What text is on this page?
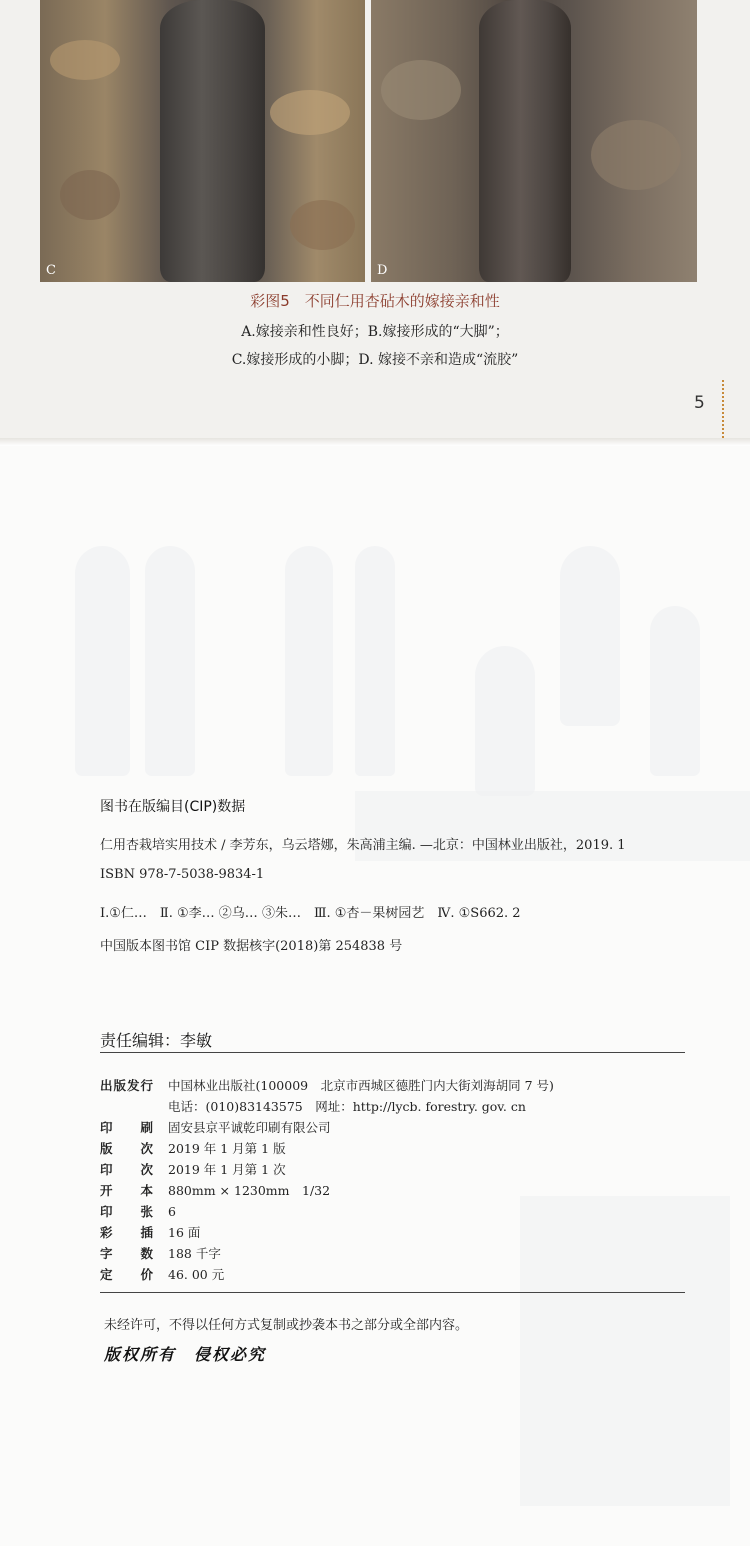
C	D
彩图5　不同仁用杏砧木的嫁接亲和性
A.嫁接亲和性良好；B.嫁接形成的“大脚”；
C.嫁接形成的小脚；D. 嫁接不亲和造成“流胶”
5
图书在版编目(CIP)数据
仁用杏栽培实用技术 / 李芳东，乌云塔娜，朱高浦主编. —北京：中国林业出版社，2019. 1
ISBN 978-7-5038-9834-1
Ⅰ.①仁…　Ⅱ. ①李… ②乌… ③朱…　Ⅲ. ①杏－果树园艺　Ⅳ. ①S662. 2
中国版本图书馆 CIP 数据核字(2018)第 254838 号
责任编辑：李敏
出版发行 中国林业出版社(100009　北京市西城区德胜门内大街刘海胡同 7 号)
电话：(010)83143575　网址：http://lycb. forestry. gov. cn
印　　刷 固安县京平诚乾印刷有限公司
版　　次 2019 年 1 月第 1 版
印　　次 2019 年 1 月第 1 次
开　　本 880mm × 1230mm　1/32
印　　张 6
彩　　插 16 面
字　　数 188 千字
定　　价 46. 00 元
未经许可，不得以任何方式复制或抄袭本书之部分或全部内容。
版权所有　侵权必究
